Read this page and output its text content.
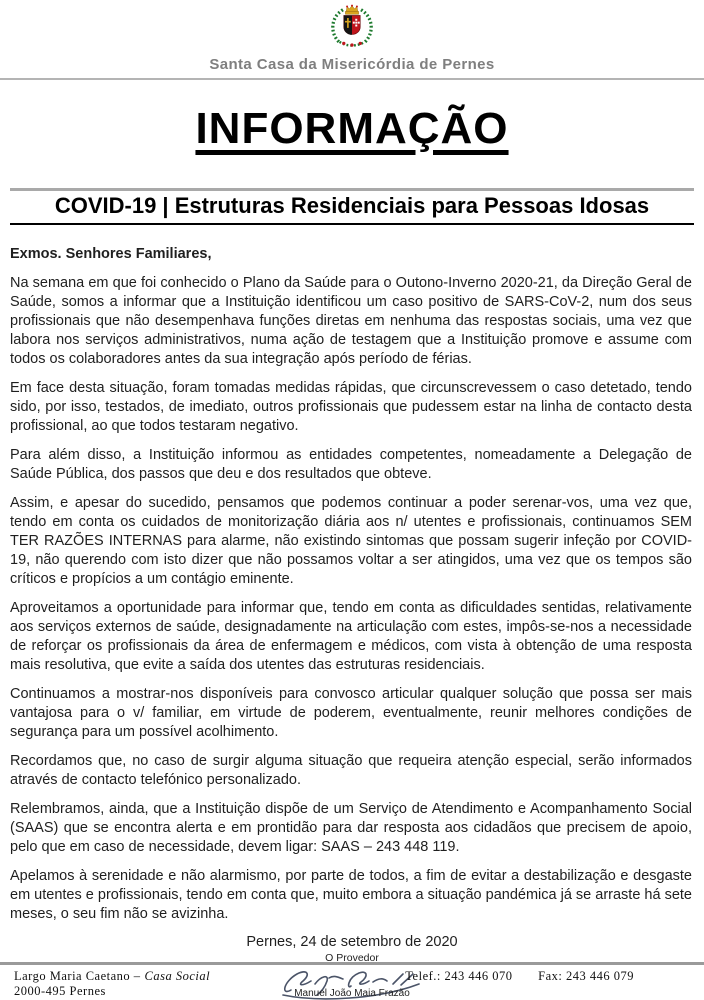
Santa Casa da Misericórdia de Pernes
INFORMAÇÃO
COVID-19 | Estruturas Residenciais para Pessoas Idosas

Exmos. Senhores Familiares,

Na semana em que foi conhecido o Plano da Saúde para o Outono-Inverno 2020-21, da Direção Geral de Saúde, somos a informar que a Instituição identificou um caso positivo de SARS-CoV-2, num dos seus profissionais que não desempenhava funções diretas em nenhuma das respostas sociais, uma vez que labora nos serviços administrativos, numa ação de testagem que a Instituição promove e assume com todos os colaboradores antes da sua integração após período de férias.

Em face desta situação, foram tomadas medidas rápidas, que circunscrevessem o caso detetado, tendo sido, por isso, testados, de imediato, outros profissionais que pudessem estar na linha de contacto desta profissional, ao que todos testaram negativo.

Para além disso, a Instituição informou as entidades competentes, nomeadamente a Delegação de Saúde Pública, dos passos que deu e dos resultados que obteve.

Assim, e apesar do sucedido, pensamos que podemos continuar a poder serenar-vos, uma vez que, tendo em conta os cuidados de monitorização diária aos n/ utentes e profissionais, continuamos SEM TER RAZÕES INTERNAS para alarme, não existindo sintomas que possam sugerir infeção por COVID-19, não querendo com isto dizer que não possamos voltar a ser atingidos, uma vez que os tempos são críticos e propícios a um contágio eminente.

Aproveitamos a oportunidade para informar que, tendo em conta as dificuldades sentidas, relativamente aos serviços externos de saúde, designadamente na articulação com estes, impôs-se-nos a necessidade de reforçar os profissionais da área de enfermagem e médicos, com vista à obtenção de uma resposta mais resolutiva, que evite a saída dos utentes das estruturas residenciais.

Continuamos a mostrar-nos disponíveis para convosco articular qualquer solução que possa ser mais vantajosa para o v/ familiar, em virtude de poderem, eventualmente, reunir melhores condições de segurança para um possível acolhimento.

Recordamos que, no caso de surgir alguma situação que requeira atenção especial, serão informados através de contacto telefónico personalizado.

Relembramos, ainda, que a Instituição dispõe de um Serviço de Atendimento e Acompanhamento Social (SAAS) que se encontra alerta e em prontidão para dar resposta aos cidadãos que precisem de apoio, pelo que em caso de necessidade, devem ligar: SAAS – 243 448 119.

Apelamos à serenidade e não alarmismo, por parte de todos, a fim de evitar a destabilização e desgaste em utentes e profissionais, tendo em conta que, muito embora a situação pandémica já se arraste há sete meses, o seu fim não se avizinha.

Pernes, 24 de setembro de 2020
O Provedor
Manuel João Maia Frazão
Largo Maria Caetano – Casa Social
2000-495 Pernes
Telef.: 243 446 070 Fax: 243 446 079
